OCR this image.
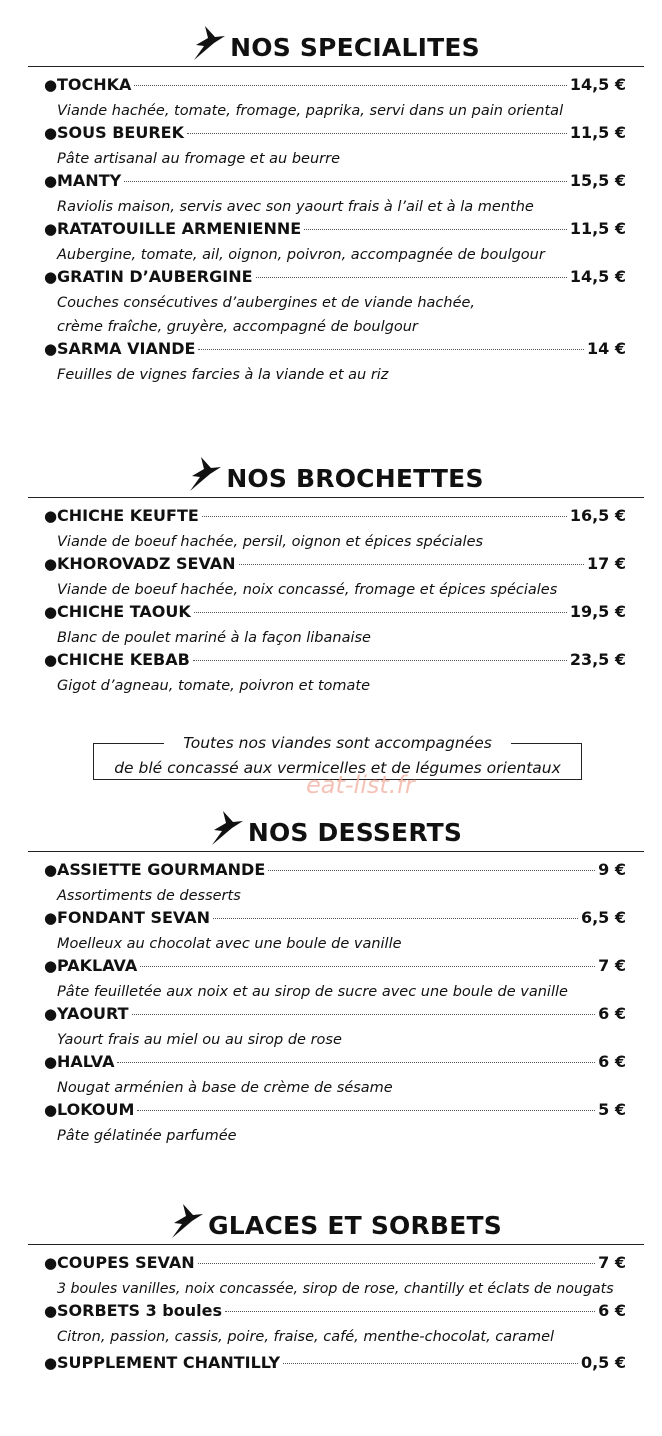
NOS SPECIALITES
● TOCHKA	14,5 €
Viande hachée, tomate, fromage, paprika, servi dans un pain oriental
● SOUS BEUREK	11,5 €
Pâte artisanal au fromage et au beurre
● MANTY	15,5 €
Raviolis maison, servis avec son yaourt frais à l’ail et à la menthe
● RATATOUILLE ARMENIENNE	11,5 €
Aubergine, tomate, ail, oignon, poivron, accompagnée de boulgour
● GRATIN D’AUBERGINE	14,5 €
Couches consécutives d’aubergines et de viande hachée,
crème fraîche, gruyère, accompagné de boulgour
● SARMA VIANDE	14 €
Feuilles de vignes farcies à la viande et au riz
NOS BROCHETTES
● CHICHE KEUFTE	16,5 €
Viande de boeuf hachée, persil, oignon et épices spéciales
● KHOROVADZ SEVAN	17 €
Viande de boeuf hachée, noix concassé, fromage et épices spéciales
● CHICHE TAOUK	19,5 €
Blanc de poulet mariné à la façon libanaise
● CHICHE KEBAB	23,5 €
Gigot d’agneau, tomate, poivron et tomate
Toutes nos viandes sont accompagnées
de blé concassé aux vermicelles et de légumes orientaux
eat-list.fr
NOS DESSERTS
● ASSIETTE GOURMANDE	9 €
Assortiments de desserts
● FONDANT SEVAN	6,5 €
Moelleux au chocolat avec une boule de vanille
● PAKLAVA	7 €
Pâte feuilletée aux noix et au sirop de sucre avec une boule de vanille
● YAOURT	6 €
Yaourt frais au miel ou au sirop de rose
● HALVA	6 €
Nougat arménien à base de crème de sésame
● LOKOUM	5 €
Pâte gélatinée parfumée
GLACES ET SORBETS
● COUPES SEVAN	7 €
3 boules vanilles, noix concassée, sirop de rose, chantilly et éclats de nougats
● SORBETS 3 boules	6 €
Citron, passion, cassis, poire, fraise, café, menthe-chocolat, caramel
● SUPPLEMENT CHANTILLY	0,5 €
